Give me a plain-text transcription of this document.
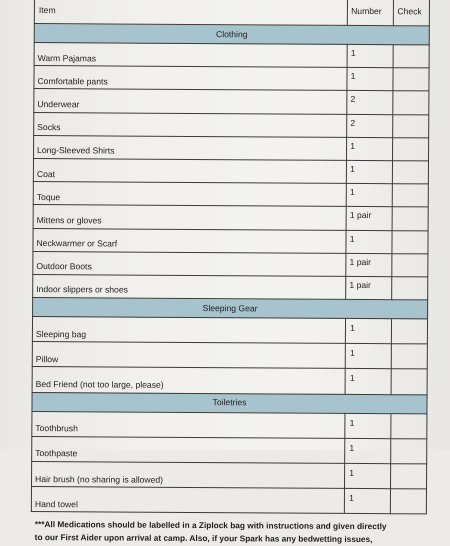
Item	Number	Check
Clothing		
Warm Pajamas	1	
Comfortable pants	1	
Underwear	2	
Socks	2	
Long-Sleeved Shirts	1	
Coat	1	
Toque	1	
Mittens or gloves	1 pair	
Neckwarmer or Scarf	1	
Outdoor Boots	1 pair	
Indoor slippers or shoes	1 pair	
Sleeping Gear		
Sleeping bag	1	
Pillow	1	
Bed Friend (not too large, please)	1	
Toiletries		
Toothbrush	1	
Toothpaste	1	
Hair brush (no sharing is allowed)	1	
Hand towel	1	
***All Medications should be labelled in a Ziplock bag with instructions and given directly
to our First Aider upon arrival at camp. Also, if your Spark has any bedwetting issues,
